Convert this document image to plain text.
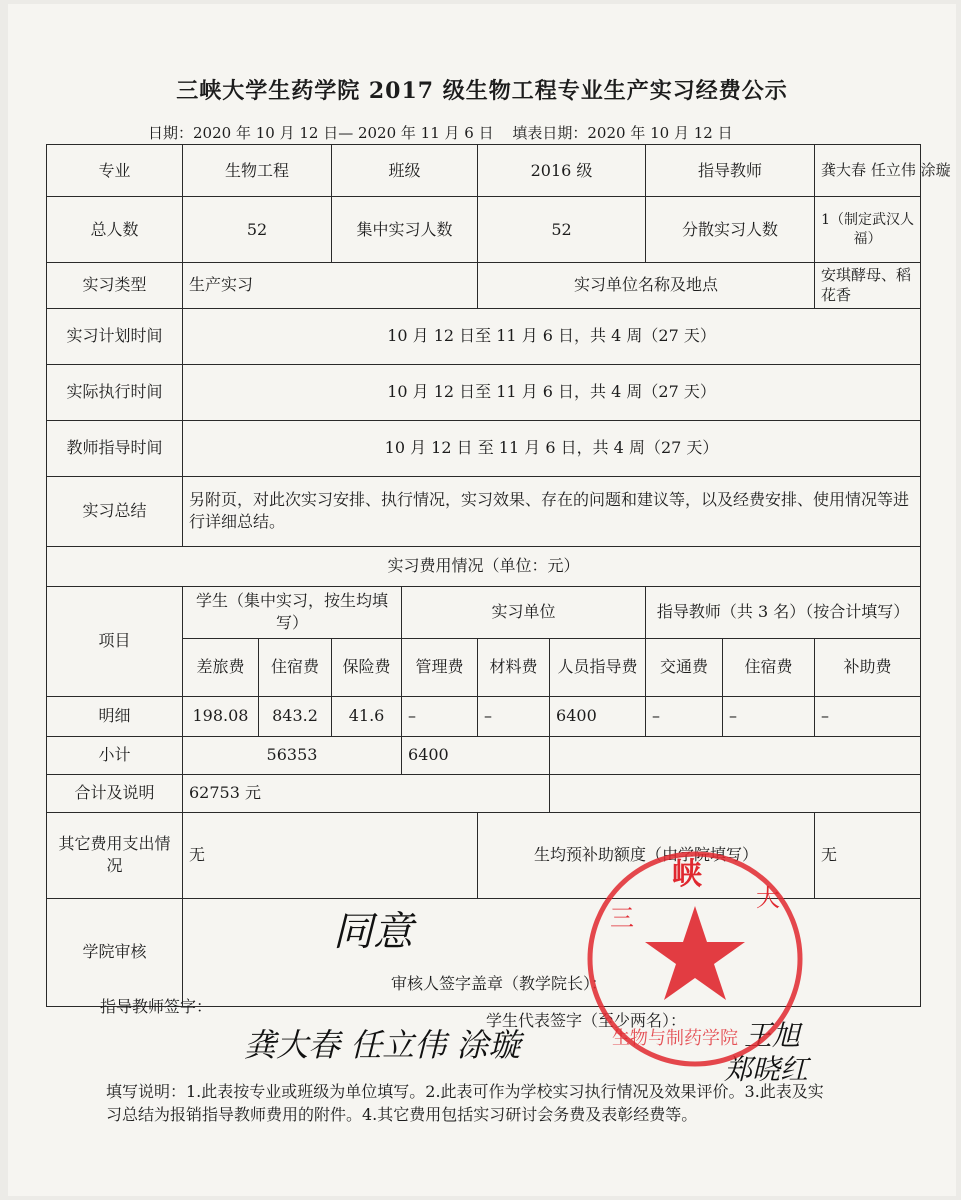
三峡大学生药学院 2017 级生物工程专业生产实习经费公示
日期：2020 年 10 月 12 日— 2020 年 11 月 6 日 填表日期：2020 年 10 月 12 日
专业	生物工程		班级		2016 级		指导教师		龚大春 任立伟 涂璇
总人数	52		集中实习人数		52		分散实习人数		1（制定武汉人福）
实习类型	生产实习				实习单位名称及地点				安琪酵母、稻花香
实习计划时间	10 月 12 日至 11 月 6 日，共 4 周（27 天）								
实际执行时间	10 月 12 日至 11 月 6 日，共 4 周（27 天）								
教师指导时间	10 月 12 日 至 11 月 6 日，共 4 周（27 天）								
实习总结	另附页，对此次实习安排、执行情况，实习效果、存在的问题和建议等，以及经费安排、使用情况等进行详细总结。								
实习费用情况（单位：元）									
项目	学生（集中实习，按生均填写）			实习单位			指导教师（共 3 名）（按合计填写）		
	差旅费	住宿费	保险费	管理费	材料费	人员指导费	交通费	住宿费	补助费
明细	198.08	843.2	41.6	–	–	6400	–	–	–
小计	56353			6400					
合计及说明	62753 元								
其它费用支出情况	无				生均预补助额度（由学院填写）				无
学院审核	同意
审核人签字盖章（教学院长）：								
指导教师签字：
龚大春 任立伟 涂璇
学生代表签字（至少两名）： 王旭
郑晓红
峡
三
大
生物与制药学院
填写说明：1.此表按专业或班级为单位填写。2.此表可作为学校实习执行情况及效果评价。3.此表及实习总结为报销指导教师费用的附件。4.其它费用包括实习研讨会务费及表彰经费等。
